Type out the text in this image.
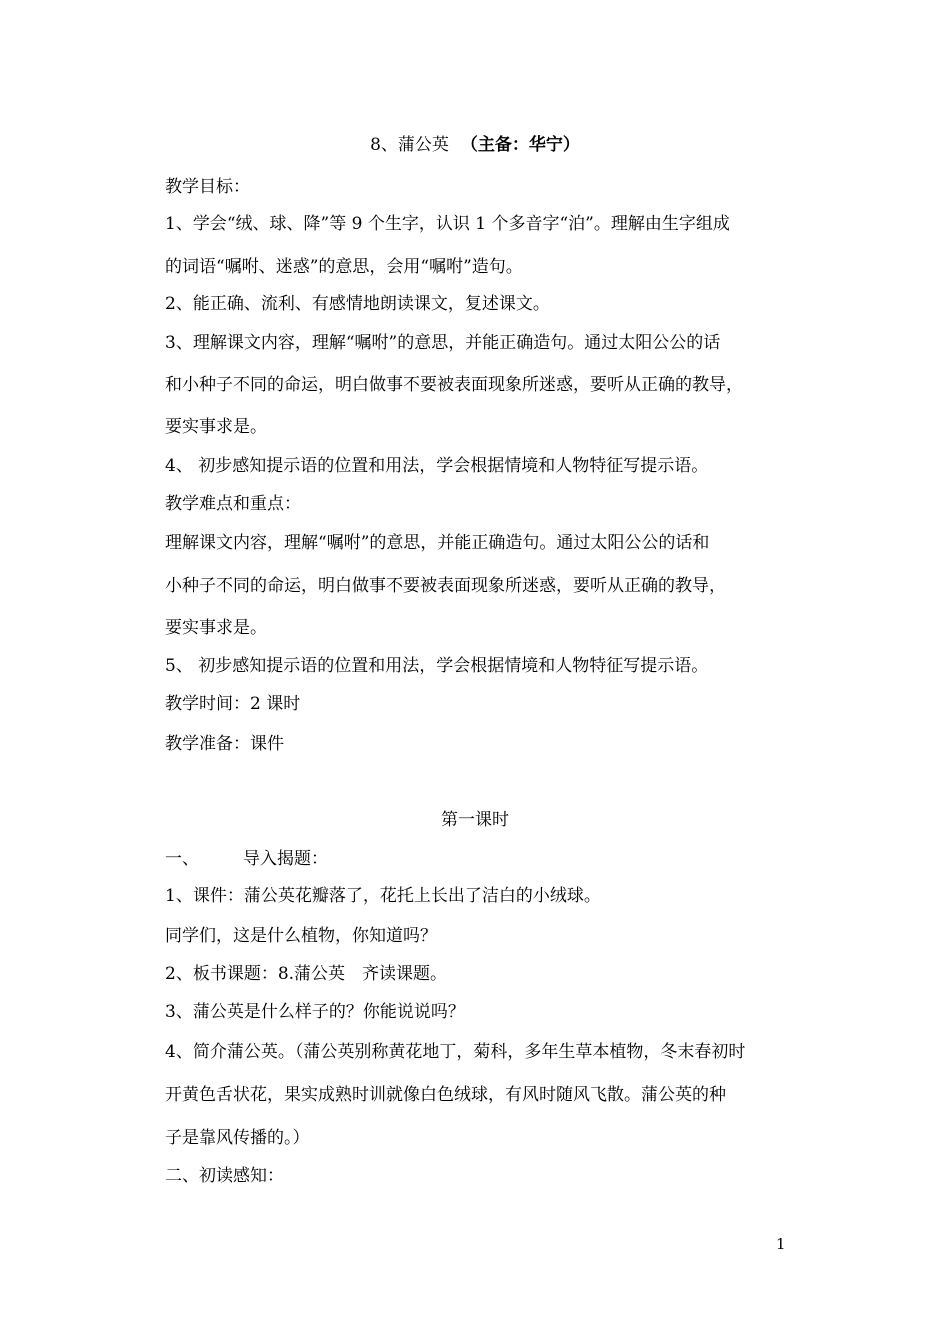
8、蒲公英 （主备：华宁）
教学目标：
1、学会“绒、球、降”等 9 个生字，认识 1 个多音字“泊”。理解由生字组成
的词语“嘱咐、迷惑”的意思，会用“嘱咐”造句。
2、能正确、流利、有感情地朗读课文，复述课文。
3、理解课文内容，理解“嘱咐”的意思，并能正确造句。通过太阳公公的话
和小种子不同的命运，明白做事不要被表面现象所迷惑，要听从正确的教导，
要实事求是。
4、 初步感知提示语的位置和用法，学会根据情境和人物特征写提示语。
教学难点和重点：
理解课文内容，理解“嘱咐”的意思，并能正确造句。通过太阳公公的话和
小种子不同的命运，明白做事不要被表面现象所迷惑，要听从正确的教导，
要实事求是。
5、 初步感知提示语的位置和用法，学会根据情境和人物特征写提示语。
教学时间：2 课时
教学准备：课件
第一课时
一、	导入揭题：
1、课件：蒲公英花瓣落了，花托上长出了洁白的小绒球。
同学们，这是什么植物，你知道吗？
2、板书课题：8.蒲公英　齐读课题。
3、蒲公英是什么样子的？你能说说吗？
4、简介蒲公英。（蒲公英别称黄花地丁，菊科，多年生草本植物，冬末春初时
开黄色舌状花，果实成熟时训就像白色绒球，有风时随风飞散。蒲公英的种
子是靠风传播的。）
二、初读感知：
1
